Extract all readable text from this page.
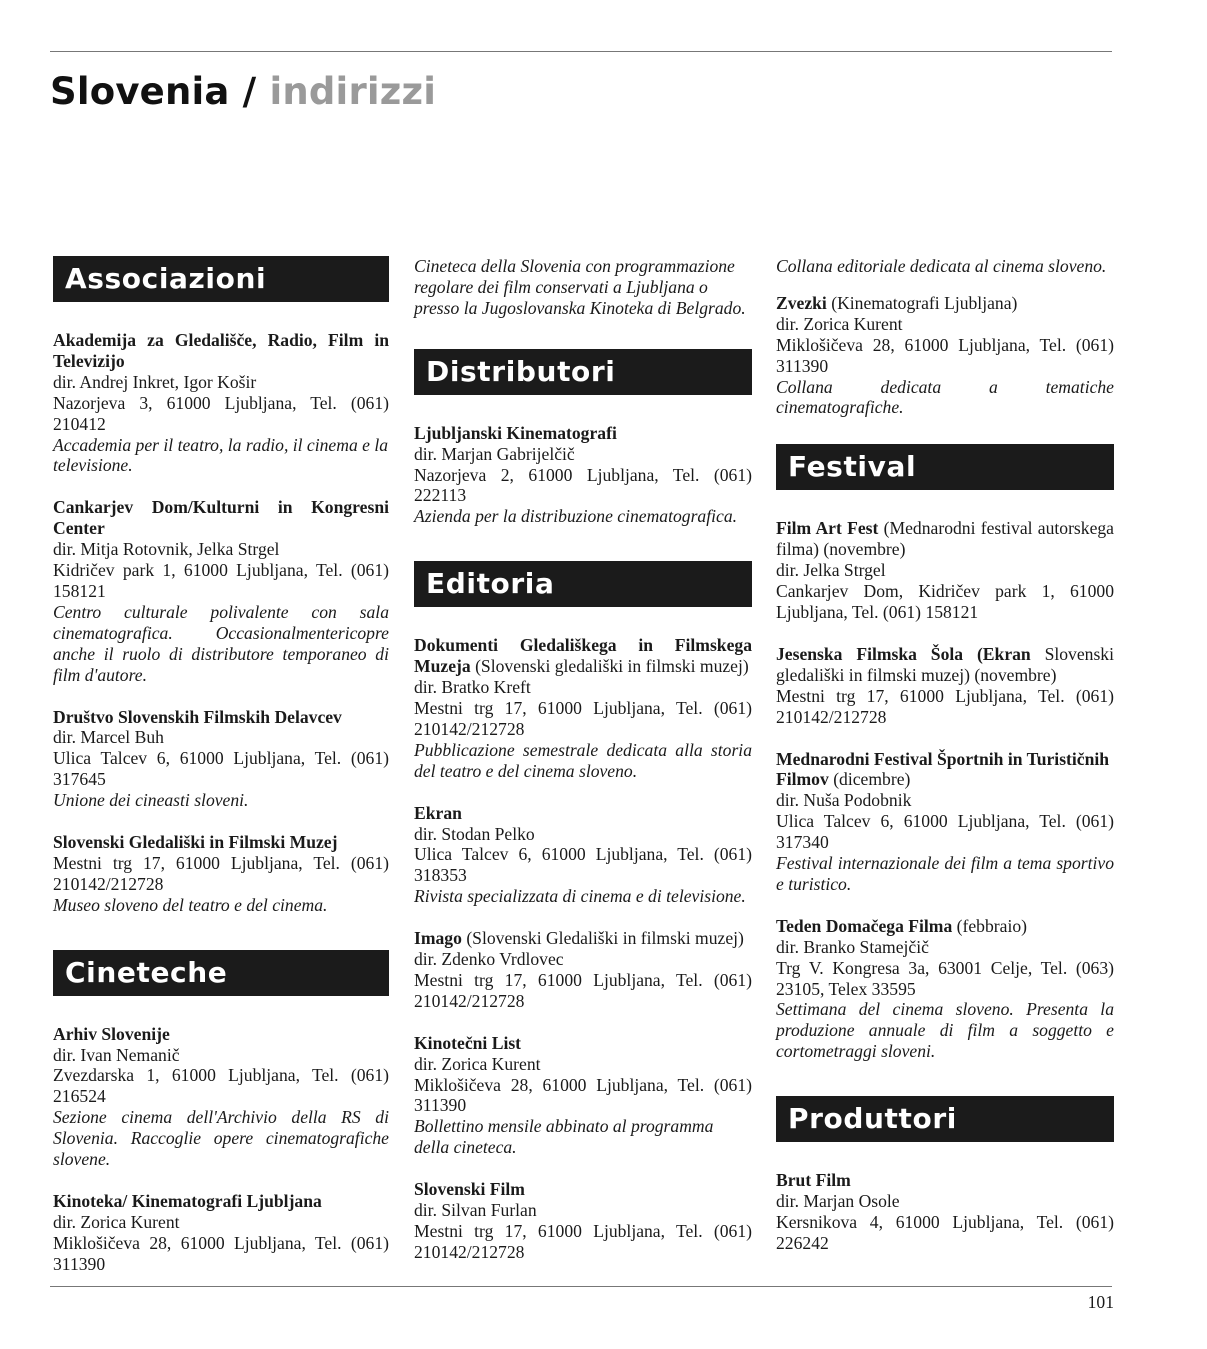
Slovenia / indirizzi
Associazioni

Akademija za Gledališče, Radio, Film in Televizijo

dir. Andrej Inkret, Igor Košir

Nazorjeva 3, 61000 Ljubljana, Tel. (061) 210412

Accademia per il teatro, la radio, il cinema e la televisione.

Cankarjev Dom/Kulturni in Kongresni Center

dir. Mitja Rotovnik, Jelka Strgel

Kidričev park 1, 61000 Ljubljana, Tel. (061) 158121

Centro culturale polivalente con sala cinematografica. Occasionalmentericopre anche il ruolo di distributore temporaneo di film d'autore.

Društvo Slovenskih Filmskih Delavcev

dir. Marcel Buh

Ulica Talcev 6, 61000 Ljubljana, Tel. (061) 317645

Unione dei cineasti sloveni.

Slovenski Gledališki in Filmski Muzej

Mestni trg 17, 61000 Ljubljana, Tel. (061) 210142/212728

Museo sloveno del teatro e del cinema.

Cineteche

Arhiv Slovenije

dir. Ivan Nemanič

Zvezdarska 1, 61000 Ljubljana, Tel. (061) 216524

Sezione cinema dell'Archivio della RS di Slovenia. Raccoglie opere cinematografiche slovene.

Kinoteka/ Kinematografi Ljubljana

dir. Zorica Kurent

Miklošičeva 28, 61000 Ljubljana, Tel. (061) 311390

Cineteca della Slovenia con programmazione regolare dei film conservati a Ljubljana o presso la Jugoslovanska Kinoteka di Belgrado.

Distributori

Ljubljanski Kinematografi

dir. Marjan Gabrijelčič

Nazorjeva 2, 61000 Ljubljana, Tel. (061) 222113

Azienda per la distribuzione cinematografica.

Editoria

Dokumenti Gledališkega in Filmskega Muzeja (Slovenski gledališki in filmski muzej)

dir. Bratko Kreft

Mestni trg 17, 61000 Ljubljana, Tel. (061) 210142/212728

Pubblicazione semestrale dedicata alla storia del teatro e del cinema sloveno.

Ekran

dir. Stodan Pelko

Ulica Talcev 6, 61000 Ljubljana, Tel. (061) 318353

Rivista specializzata di cinema e di televisione.

Imago (Slovenski Gledališki in filmski muzej)

dir. Zdenko Vrdlovec

Mestni trg 17, 61000 Ljubljana, Tel. (061) 210142/212728

Kinotečni List

dir. Zorica Kurent

Miklošičeva 28, 61000 Ljubljana, Tel. (061) 311390

Bollettino mensile abbinato al programma della cineteca.

Slovenski Film

dir. Silvan Furlan

Mestni trg 17, 61000 Ljubljana, Tel. (061) 210142/212728

Collana editoriale dedicata al cinema sloveno.

Zvezki (Kinematografi Ljubljana)

dir. Zorica Kurent

Miklošičeva 28, 61000 Ljubljana, Tel. (061) 311390

Collana dedicata a tematiche cinematografiche.

Festival

Film Art Fest (Mednarodni festival autorskega filma) (novembre)

dir. Jelka Strgel

Cankarjev Dom, Kidričev park 1, 61000 Ljubljana, Tel. (061) 158121

Jesenska Filmska Šola (Ekran Slovenski gledališki in filmski muzej) (novembre)

Mestni trg 17, 61000 Ljubljana, Tel. (061) 210142/212728

Mednarodni Festival Športnih in Turističnih Filmov (dicembre)

dir. Nuša Podobnik

Ulica Talcev 6, 61000 Ljubljana, Tel. (061) 317340

Festival internazionale dei film a tema sportivo e turistico.

Teden Domačega Filma (febbraio)

dir. Branko Stamejčič

Trg V. Kongresa 3a, 63001 Celje, Tel. (063) 23105, Telex 33595

Settimana del cinema sloveno. Presenta la produzione annuale di film a soggetto e cortometraggi sloveni.

Produttori

Brut Film

dir. Marjan Osole

Kersnikova 4, 61000 Ljubljana, Tel. (061) 226242

101
